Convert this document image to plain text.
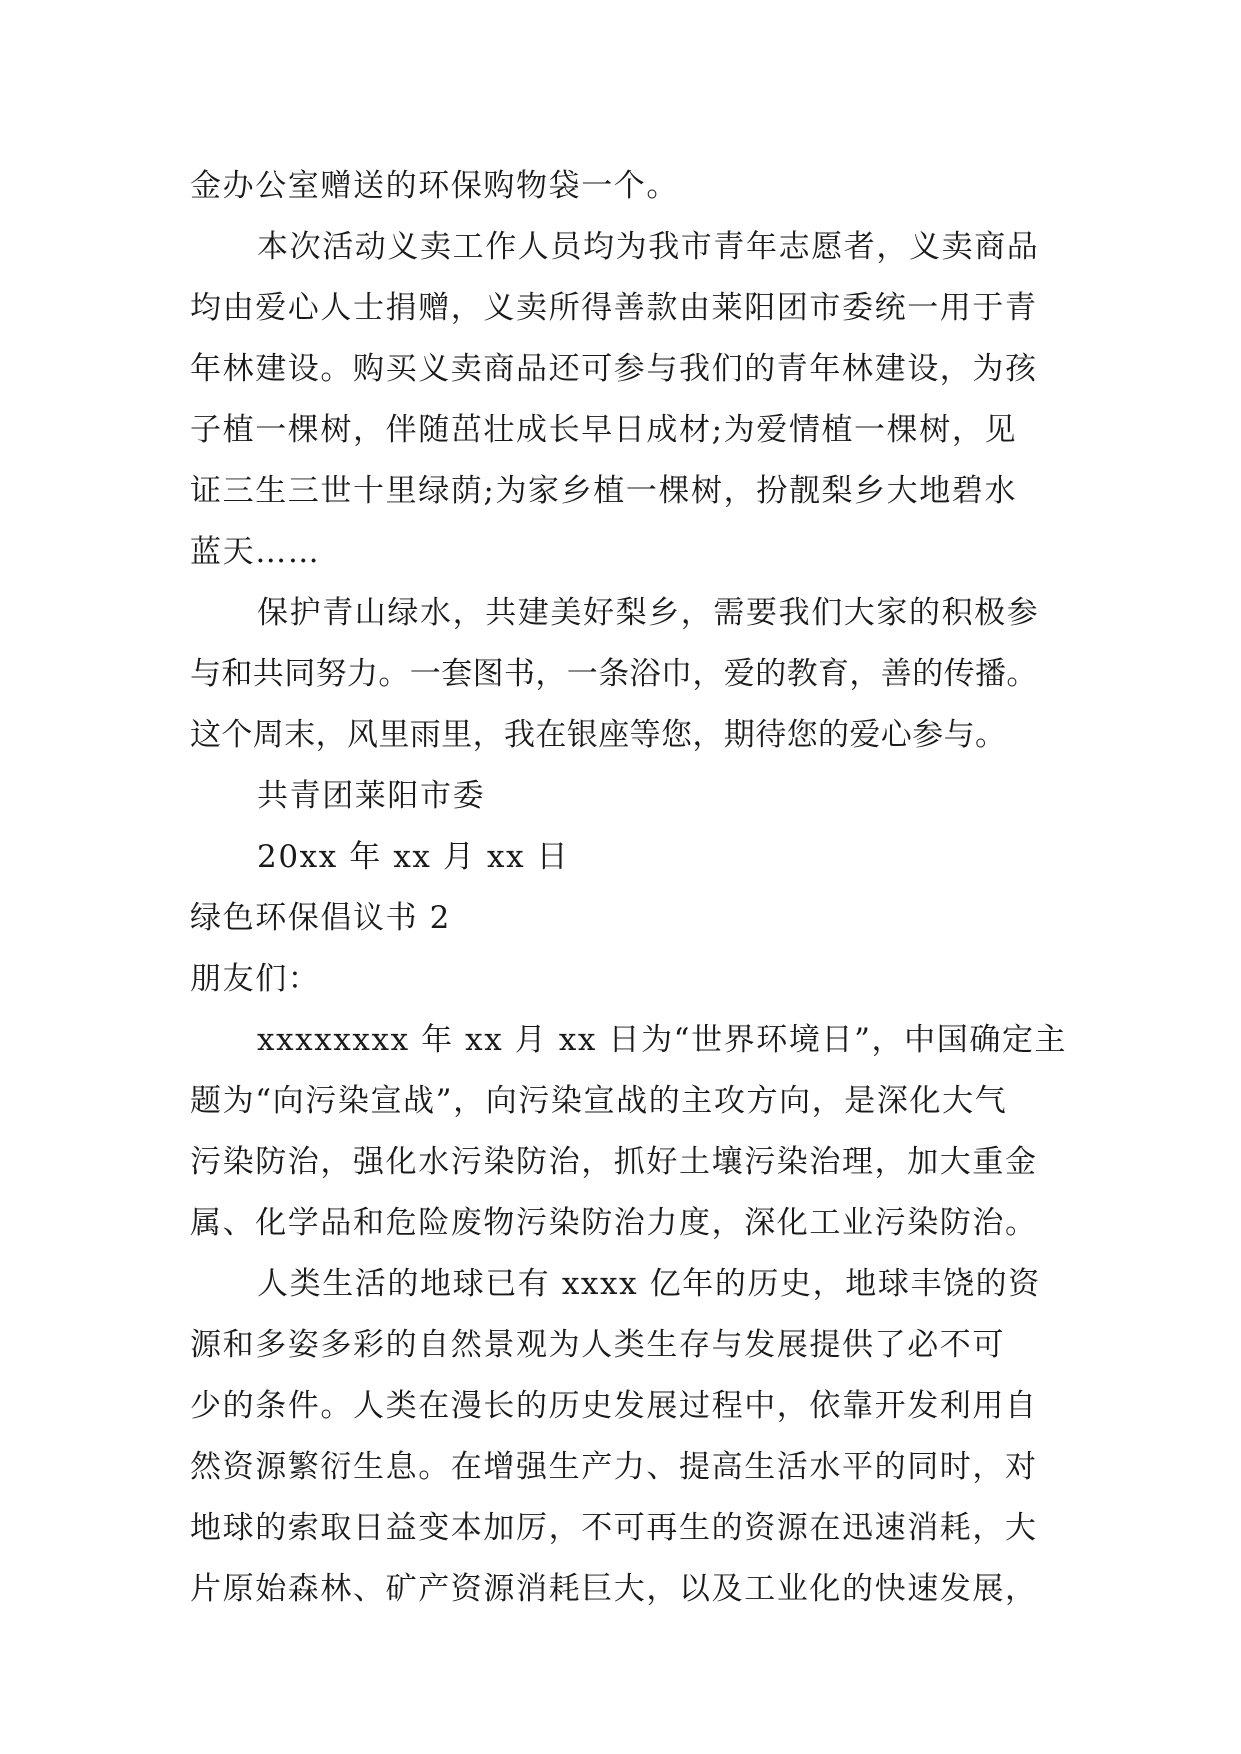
金办公室赠送的环保购物袋一个。
本次活动义卖工作人员均为我市青年志愿者，义卖商品
均由爱心人士捐赠，义卖所得善款由莱阳团市委统一用于青
年林建设。购买义卖商品还可参与我们的青年林建设，为孩
子植一棵树，伴随茁壮成长早日成材;为爱情植一棵树，见
证三生三世十里绿荫;为家乡植一棵树，扮靓梨乡大地碧水
蓝天……
保护青山绿水，共建美好梨乡，需要我们大家的积极参
与和共同努力。一套图书，一条浴巾，爱的教育，善的传播。
这个周末，风里雨里，我在银座等您，期待您的爱心参与。
共青团莱阳市委
20xx 年 xx 月 xx 日
绿色环保倡议书 2
朋友们：
xxxxxxxx 年 xx 月 xx 日为“世界环境日”，中国确定主
题为“向污染宣战”，向污染宣战的主攻方向，是深化大气
污染防治，强化水污染防治，抓好土壤污染治理，加大重金
属、化学品和危险废物污染防治力度，深化工业污染防治。
人类生活的地球已有 xxxx 亿年的历史，地球丰饶的资
源和多姿多彩的自然景观为人类生存与发展提供了必不可
少的条件。人类在漫长的历史发展过程中，依靠开发利用自
然资源繁衍生息。在增强生产力、提高生活水平的同时，对
地球的索取日益变本加厉，不可再生的资源在迅速消耗，大
片原始森林、矿产资源消耗巨大，以及工业化的快速发展，
